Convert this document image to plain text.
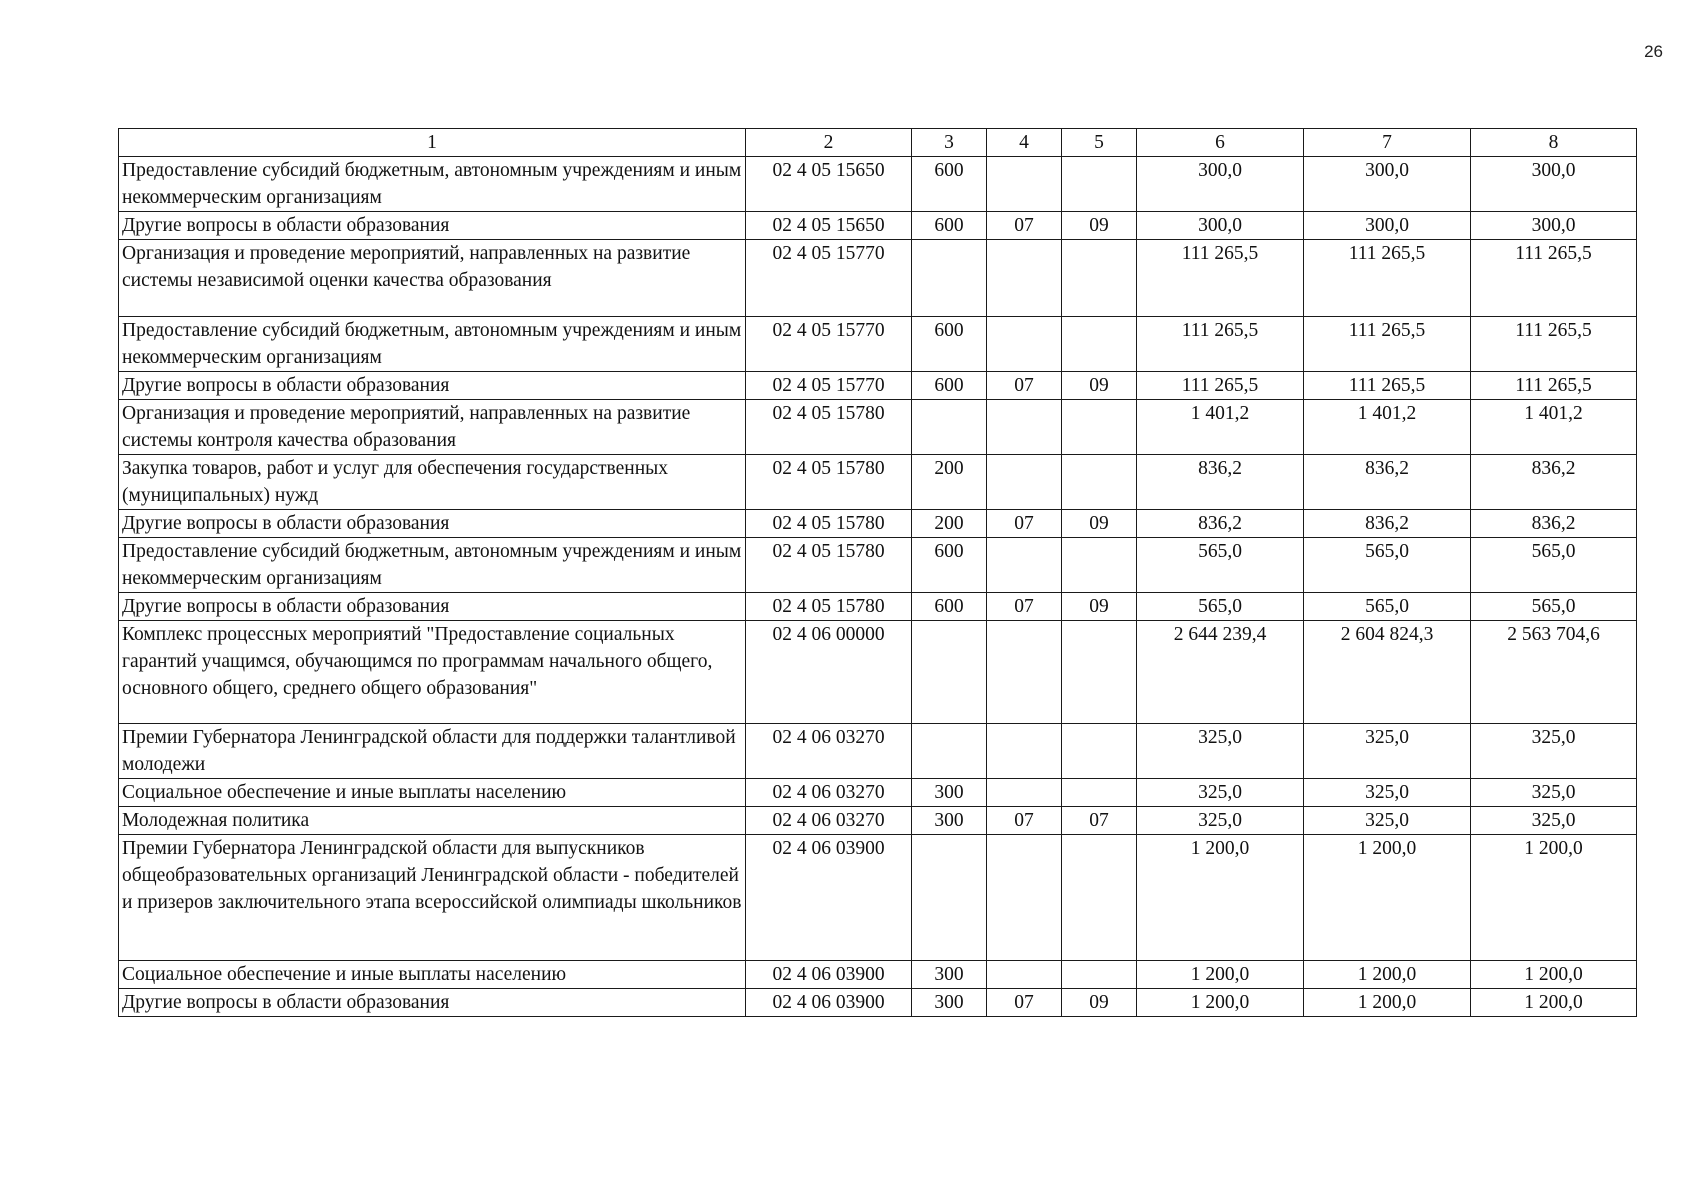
26
1	2	3	4	5	6	7	8
Предоставление субсидий бюджетным, автономным учреждениям и иным некоммерческим организациям	02 4 05 15650	600			300,0	300,0	300,0
Другие вопросы в области образования	02 4 05 15650	600	07	09	300,0	300,0	300,0
Организация и проведение мероприятий, направленных на развитие системы независимой оценки качества образования	02 4 05 15770				111 265,5	111 265,5	111 265,5
Предоставление субсидий бюджетным, автономным учреждениям и иным некоммерческим организациям	02 4 05 15770	600			111 265,5	111 265,5	111 265,5
Другие вопросы в области образования	02 4 05 15770	600	07	09	111 265,5	111 265,5	111 265,5
Организация и проведение мероприятий, направленных на развитие системы контроля качества образования	02 4 05 15780				1 401,2	1 401,2	1 401,2
Закупка товаров, работ и услуг для обеспечения государственных (муниципальных) нужд	02 4 05 15780	200			836,2	836,2	836,2
Другие вопросы в области образования	02 4 05 15780	200	07	09	836,2	836,2	836,2
Предоставление субсидий бюджетным, автономным учреждениям и иным некоммерческим организациям	02 4 05 15780	600			565,0	565,0	565,0
Другие вопросы в области образования	02 4 05 15780	600	07	09	565,0	565,0	565,0
Комплекс процессных мероприятий "Предоставление социальных гарантий учащимся, обучающимся по программам начального общего, основного общего, среднего общего образования"	02 4 06 00000				2 644 239,4	2 604 824,3	2 563 704,6
Премии Губернатора Ленинградской области для поддержки талантливой молодежи	02 4 06 03270				325,0	325,0	325,0
Социальное обеспечение и иные выплаты населению	02 4 06 03270	300			325,0	325,0	325,0
Молодежная политика	02 4 06 03270	300	07	07	325,0	325,0	325,0
Премии Губернатора Ленинградской области для выпускников общеобразовательных организаций Ленинградской области - победителей и призеров заключительного этапа всероссийской олимпиады школьников	02 4 06 03900				1 200,0	1 200,0	1 200,0
Социальное обеспечение и иные выплаты населению	02 4 06 03900	300			1 200,0	1 200,0	1 200,0
Другие вопросы в области образования	02 4 06 03900	300	07	09	1 200,0	1 200,0	1 200,0
